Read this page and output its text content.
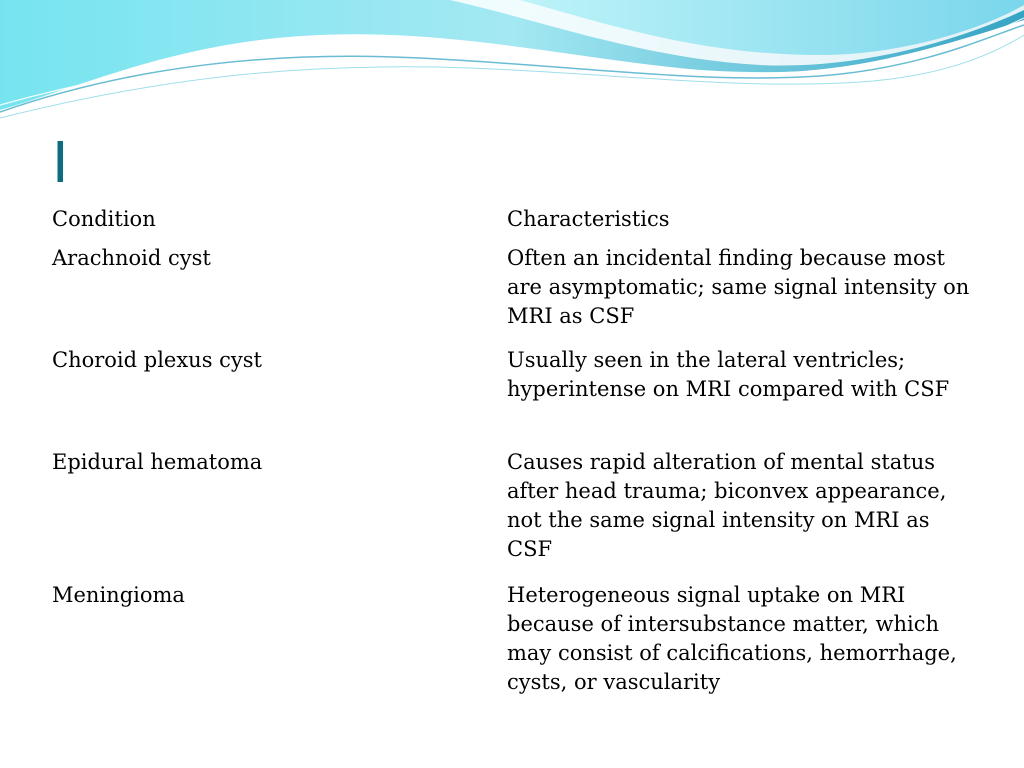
I
Condition	Characteristics
Arachnoid cyst	Often an incidental finding because most are asymptomatic; same signal intensity on MRI as CSF
Choroid plexus cyst	Usually seen in the lateral ventricles; hyperintense on MRI compared with CSF
Epidural hematoma	Causes rapid alteration of mental status after head trauma; biconvex appearance, not the same signal intensity on MRI as CSF
Meningioma	Heterogeneous signal uptake on MRI because of intersubstance matter, which may consist of calcifications, hemorrhage, cysts, or vascularity
